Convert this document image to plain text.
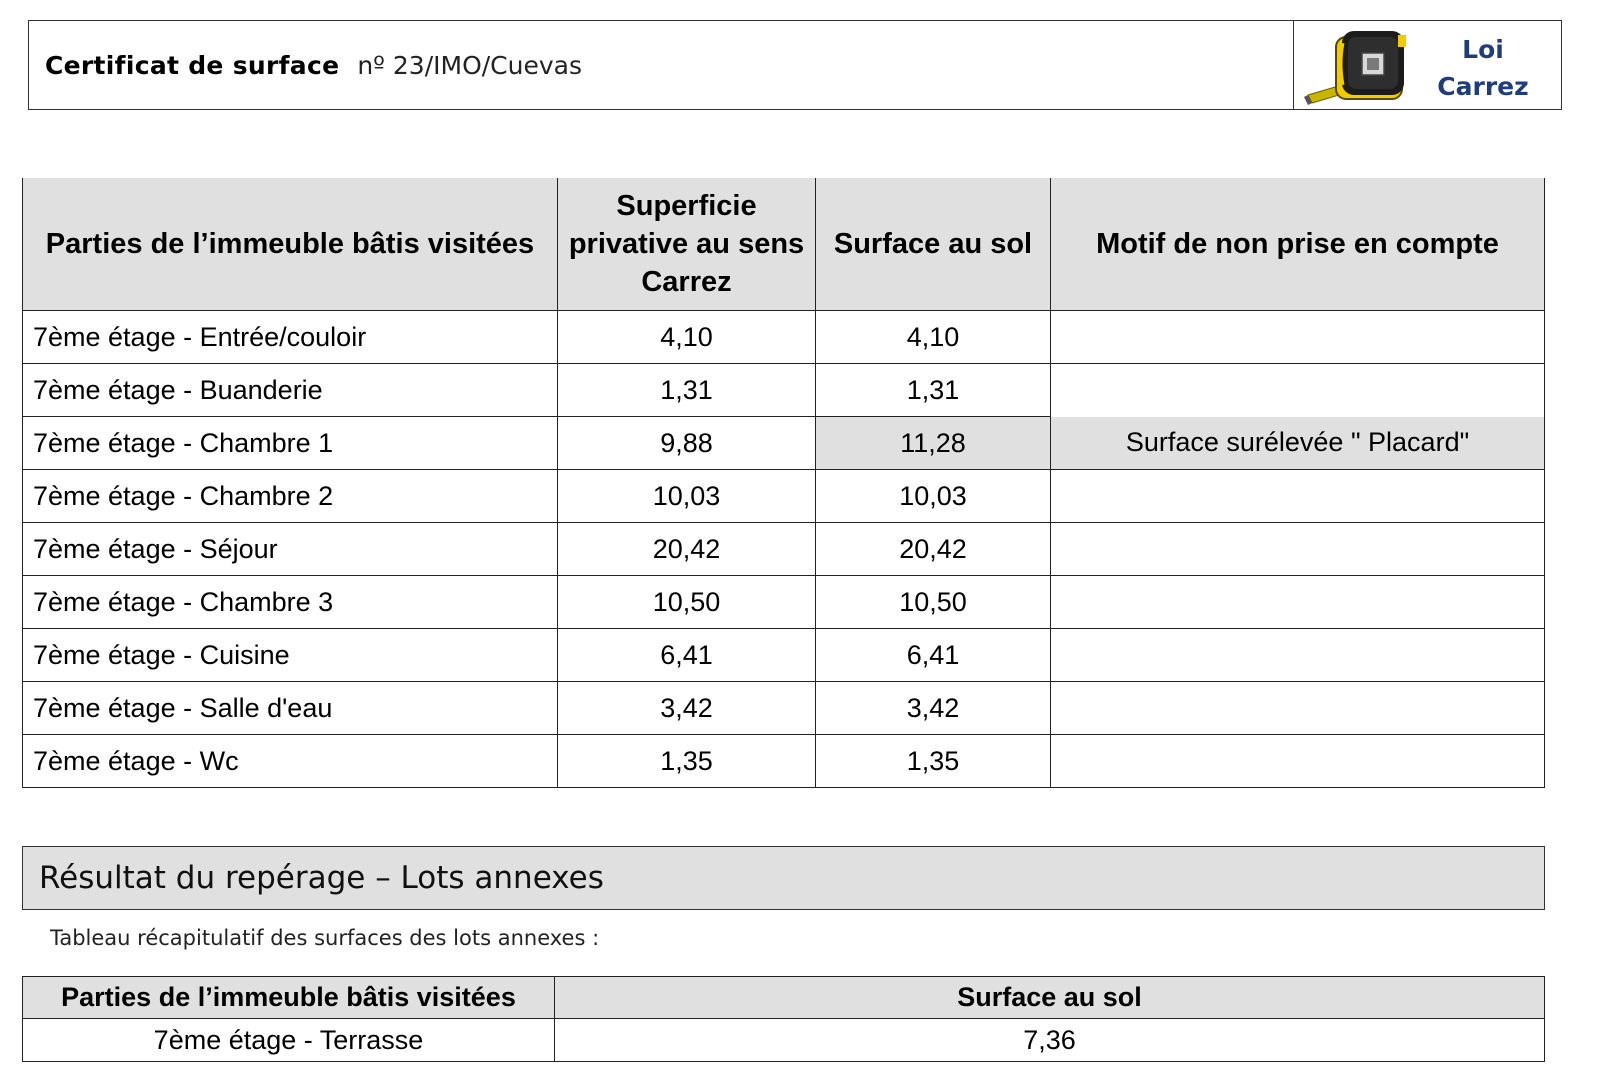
Certificat de surface nº 23/IMO/Cuevas
Loi
Carrez
Parties de l’immeuble bâtis visitées	Superficie privative au sens Carrez	Surface au sol	Motif de non prise en compte
7ème étage - Entrée/couloir	4,10	4,10	
7ème étage - Buanderie	1,31	1,31	
7ème étage - Chambre 1	9,88	11,28	Surface surélevée " Placard"
7ème étage - Chambre 2	10,03	10,03	
7ème étage - Séjour	20,42	20,42	
7ème étage - Chambre 3	10,50	10,50	
7ème étage - Cuisine	6,41	6,41	
7ème étage - Salle d'eau	3,42	3,42	
7ème étage - Wc	1,35	1,35	
Résultat du repérage – Lots annexes
Tableau récapitulatif des surfaces des lots annexes :
Parties de l’immeuble bâtis visitées	Surface au sol
7ème étage - Terrasse	7,36
